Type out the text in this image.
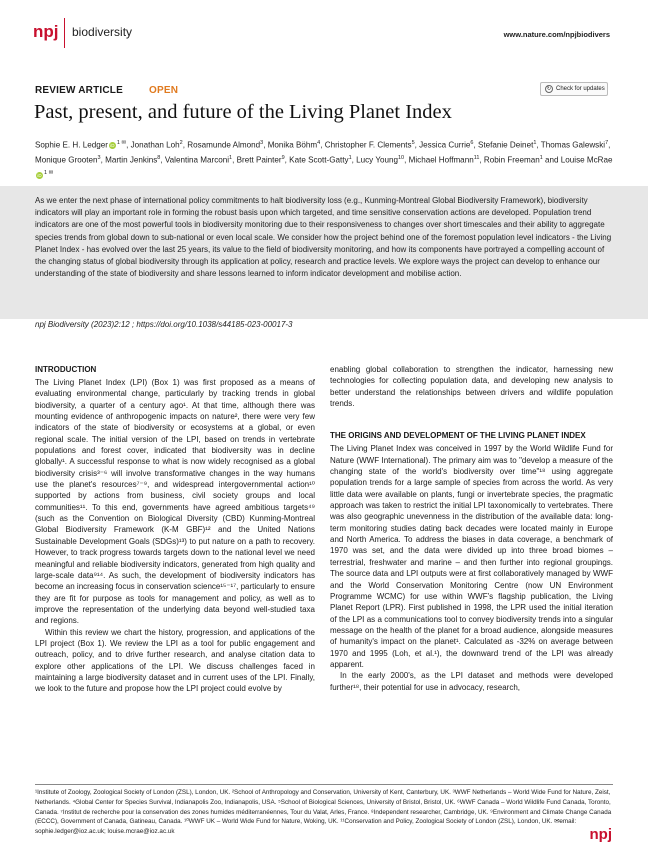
npj biodiversity	www.nature.com/npjbiodivers
REVIEW ARTICLE	OPEN	↻ Check for updates
Past, present, and future of the Living Planet Index
Sophie E. H. Ledger iD $^{1 ✉}$, Jonathan Loh$^2$, Rosamunde Almond$^3$, Monika Böhm$^4$, Christopher F. Clements$^5$, Jessica Currie$^6$, Stefanie Deinet$^1$, Thomas Galewski$^7$, Monique Grooten$^3$, Martin Jenkins$^8$, Valentina Marconi$^1$, Brett Painter$^9$, Kate Scott-Gatty$^1$, Lucy Young$^{10}$, Michael Hoffmann$^{11}$, Robin Freeman$^1$ and Louise McRaeiD $^{1 ✉}$

As we enter the next phase of international policy commitments to halt biodiversity loss (e.g., Kunming-Montreal Global Biodiversity Framework), biodiversity indicators will play an important role in forming the robust basis upon which targeted, and time sensitive conservation actions are developed. Population trend indicators are one of the most powerful tools in biodiversity monitoring due to their responsiveness to changes over short timescales and their ability to aggregate species trends from global down to sub-national or even local scale. We consider how the project behind one of the foremost population level indicators - the Living Planet Index - has evolved over the last 25 years, its value to the field of biodiversity monitoring, and how its components have portrayed a compelling account of the changing status of global biodiversity through its application at policy, research and practice levels. We explore ways the project can develop to enhance our understanding of the state of biodiversity and share lessons learned to inform indicator development and mobilise action.

npj Biodiversity (2023)2:12 ; https://doi.org/10.1038/s44185-023-00017-3
INTRODUCTION

The Living Planet Index (LPI) (Box 1) was first proposed as a means of evaluating environmental change, particularly by tracking trends in global biodiversity, a quarter of a century ago¹. At that time, although there was mounting evidence of anthropogenic impacts on nature², there were very few indicators of the state of biodiversity or ecosystems at a global, or even regional scale. The initial version of the LPI, based on trends in vertebrate populations and forest cover, indicated that biodiversity was in decline globally¹. A successful response to what is now widely recognised as a global biodiversity crisis³⁻⁶ will involve transformative changes in the way humans use the planet's resources⁷⁻⁹, and widespread intergovernmental action¹⁰ supported by actions from business, civil society groups and local communities¹¹. To this end, governments have agreed ambitious targets⁴⁹ (such as the Convention on Biological Diversity (CBD) Kunming-Montreal Global Biodiversity Framework (K-M GBF)¹² and the United Nations Sustainable Development Goals (SDGs)¹³) to put nature on a path to recovery. However, to track progress towards targets down to the national level we need meaningful and reliable biodiversity indicators, generated from high quality and large-scale data⁹¹⁴. As such, the development of biodiversity indicators has become an increasing focus in conservation science¹⁵⁻¹⁷, particularly to ensure they are fit for purpose as tools for management and policy, as well as to improve the representation of the underlying data beyond well-studied taxa and regions.

Within this review we chart the history, progression, and applications of the LPI project (Box 1). We review the LPI as a tool for public engagement and outreach, policy, and to drive further research, and analyse citation data to explore other applications of the LPI. We discuss challenges faced in maintaining a large biodiversity dataset and in current uses of the LPI. Finally, we look to the future and propose how the LPI project could evolve by

enabling global collaboration to strengthen the indicator, harnessing new technologies for collecting population data, and developing new analysis to better understand the relationships between drivers and wildlife population trends.

THE ORIGINS AND DEVELOPMENT OF THE LIVING PLANET INDEX

The Living Planet Index was conceived in 1997 by the World Wildlife Fund for Nature (WWF International). The primary aim was to "develop a measure of the changing state of the world's biodiversity over time"¹⁸ using aggregate population trends for a large sample of species from across the world. As very little data were available on plants, fungi or invertebrate species, the pragmatic approach was taken to restrict the initial LPI taxonomically to vertebrates. There was also geographic unevenness in the distribution of the available data: long-term monitoring studies dating back decades were located mainly in Europe and North America. To address the biases in data coverage, a benchmark of 1970 was set, and the data were divided up into three broad biomes – terrestrial, freshwater and marine – and then further into regional groupings. The source data and LPI outputs were at first collaboratively managed by WWF and the World Conservation Monitoring Centre (now UN Environment Programme WCMC) for use within WWF's flagship publication, the Living Planet Report (LPR). First published in 1998, the LPR used the initial iteration of the LPI as a communications tool to convey biodiversity trends into a singular message on the health of the planet for a broad audience, alongside measures of humanity's impact on the planet¹. Calculated as -32% on average between 1970 and 1995 (Loh, et al.¹), the downward trend of the LPI was already apparent.

In the early 2000's, as the LPI dataset and methods were developed further¹⁸, their potential for use in advocacy, research,

¹Institute of Zoology, Zoological Society of London (ZSL), London, UK. ²School of Anthropology and Conservation, University of Kent, Canterbury, UK. ³WWF Netherlands – World Wide Fund for Nature, Zeist, Netherlands. ⁴Global Center for Species Survival, Indianapolis Zoo, Indianapolis, USA. ⁵School of Biological Sciences, University of Bristol, Bristol, UK. ⁶WWF Canada – World Wildlife Fund Canada, Toronto, Canada. ⁷Institut de recherche pour la conservation des zones humides méditerranéennes, Tour du Valat, Arles, France. ⁸Independent researcher, Cambridge, UK. ⁹Environment and Climate Change Canada (ECCC), Government of Canada, Gatineau, Canada. ¹⁰WWF UK – World Wide Fund for Nature, Woking, UK. ¹¹Conservation and Policy, Zoological Society of London (ZSL), London, UK. ✉email: sophie.ledger@ioz.ac.uk; louise.mcrae@ioz.ac.uk	npj
